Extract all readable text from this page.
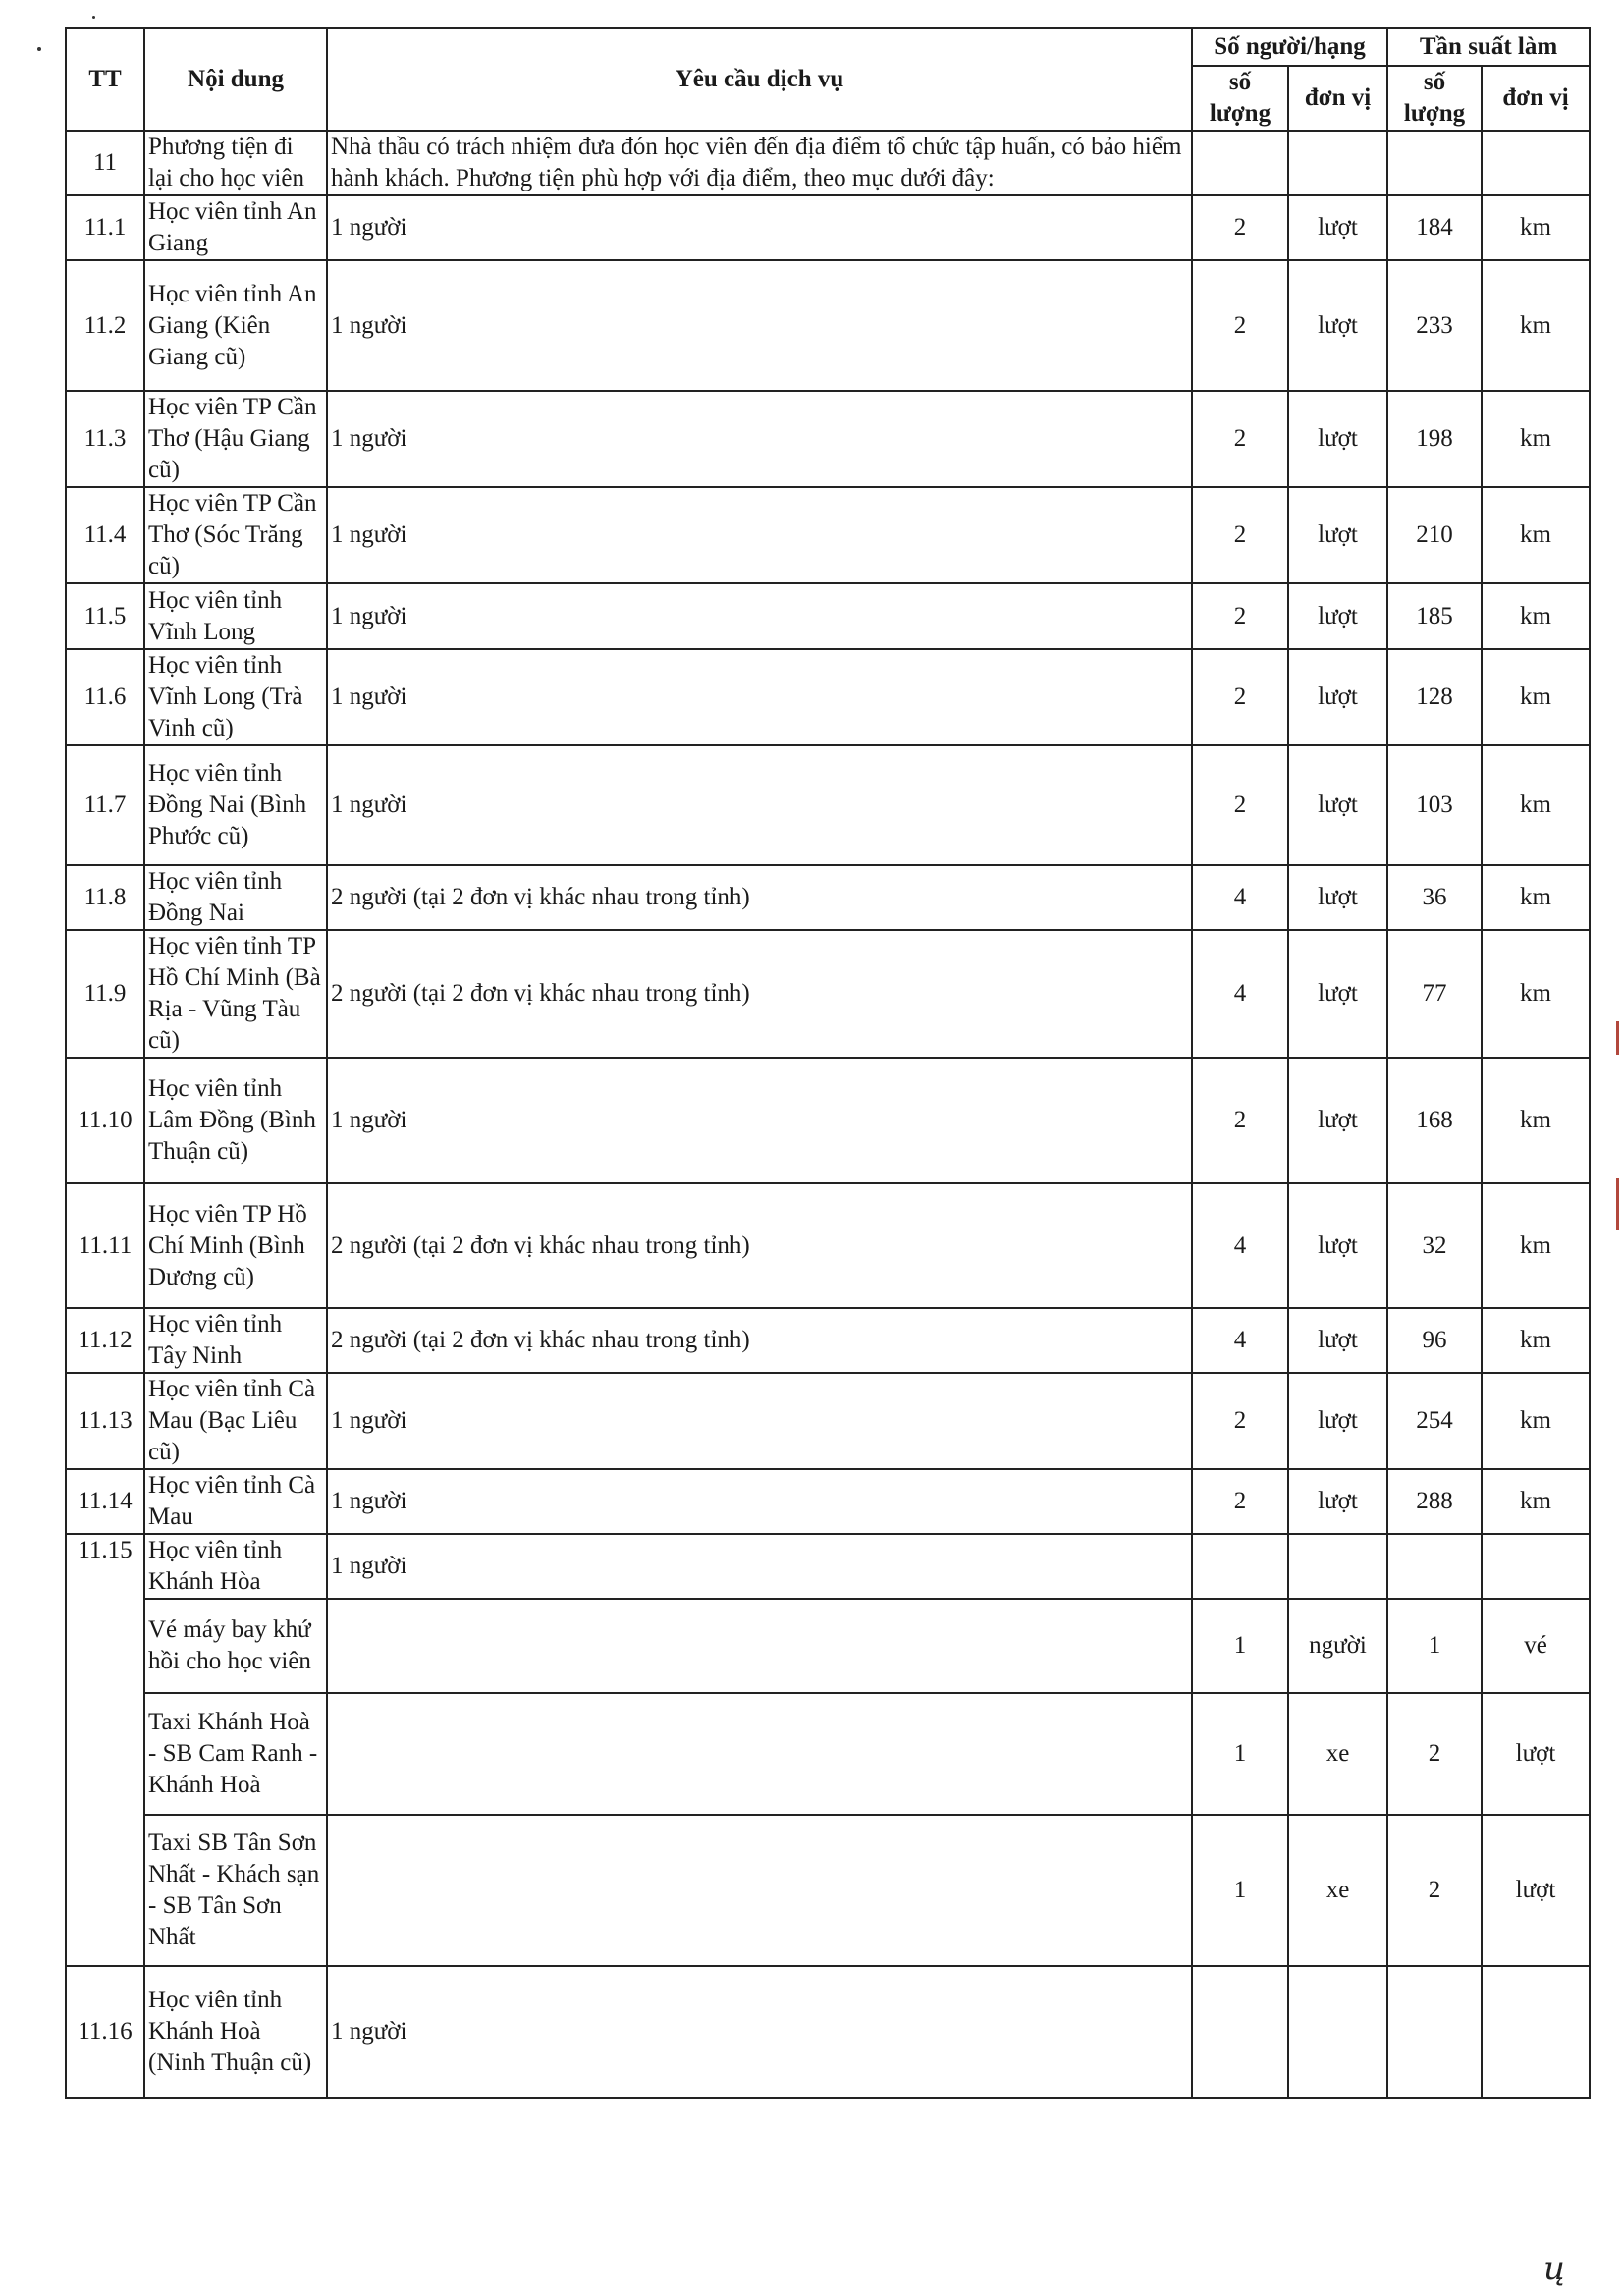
TT	Nội dung	Yêu cầu dịch vụ	Số người/hạng		Tần suất làm	
			số lượng	đơn vị	số lượng	đơn vị
11	Phương tiện đi lại cho học viên	Nhà thầu có trách nhiệm đưa đón học viên đến địa điểm tổ chức tập huấn, có bảo hiểm hành khách. Phương tiện phù hợp với địa điểm, theo mục dưới đây:				
11.1	Học viên tỉnh An Giang	1 người	2	lượt	184	km
11.2	Học viên tỉnh An Giang (Kiên Giang cũ)	1 người	2	lượt	233	km
11.3	Học viên TP Cần Thơ (Hậu Giang cũ)	1 người	2	lượt	198	km
11.4	Học viên TP Cần Thơ (Sóc Trăng cũ)	1 người	2	lượt	210	km
11.5	Học viên tỉnh Vĩnh Long	1 người	2	lượt	185	km
11.6	Học viên tỉnh Vĩnh Long (Trà Vinh cũ)	1 người	2	lượt	128	km
11.7	Học viên tỉnh Đồng Nai (Bình Phước cũ)	1 người	2	lượt	103	km
11.8	Học viên tỉnh Đồng Nai	2 người (tại 2 đơn vị khác nhau trong tỉnh)	4	lượt	36	km
11.9	Học viên tỉnh TP Hồ Chí Minh (Bà Rịa - Vũng Tàu cũ)	2 người (tại 2 đơn vị khác nhau trong tỉnh)	4	lượt	77	km
11.10	Học viên tỉnh Lâm Đồng (Bình Thuận cũ)	1 người	2	lượt	168	km
11.11	Học viên TP Hồ Chí Minh (Bình Dương cũ)	2 người (tại 2 đơn vị khác nhau trong tỉnh)	4	lượt	32	km
11.12	Học viên tỉnh Tây Ninh	2 người (tại 2 đơn vị khác nhau trong tỉnh)	4	lượt	96	km
11.13	Học viên tỉnh Cà Mau (Bạc Liêu cũ)	1 người	2	lượt	254	km
11.14	Học viên tỉnh Cà Mau	1 người	2	lượt	288	km
11.15	Học viên tỉnh Khánh Hòa	1 người				
	Vé máy bay khứ hồi cho học viên		1	người	1	vé
	Taxi Khánh Hoà - SB Cam Ranh - Khánh Hoà		1	xe	2	lượt
	Taxi SB Tân Sơn Nhất - Khách sạn - SB Tân Sơn Nhất		1	xe	2	lượt
11.16	Học viên tỉnh Khánh Hoà (Ninh Thuận cũ)	1 người				
ų
